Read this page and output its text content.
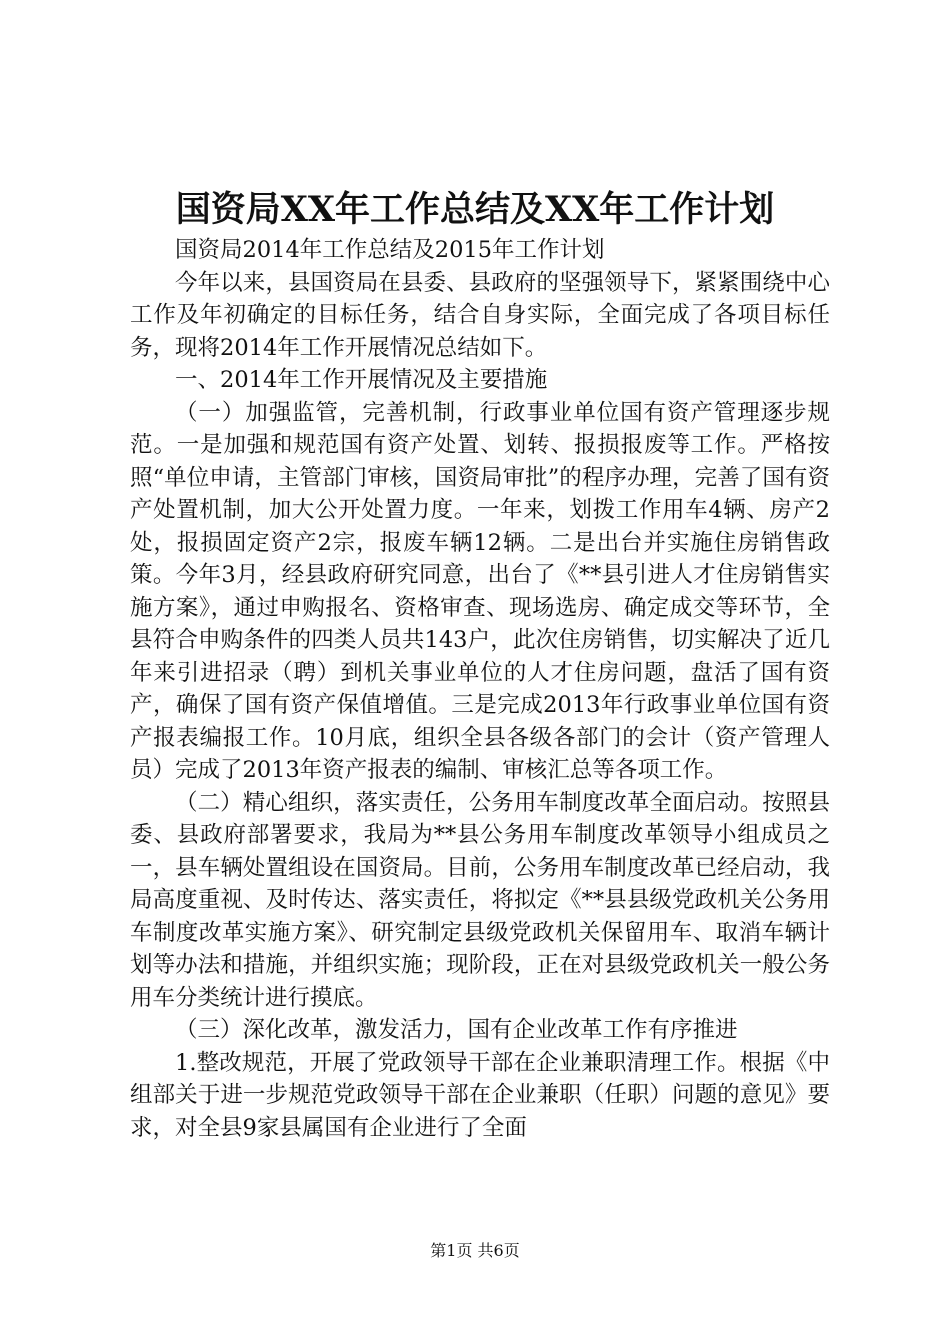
国资局XX年工作总结及XX年工作计划

国资局2014年工作总结及2015年工作计划

今年以来，县国资局在县委、县政府的坚强领导下，紧紧围绕中心工作及年初确定的目标任务，结合自身实际，全面完成了各项目标任务，现将2014年工作开展情况总结如下。

一、2014年工作开展情况及主要措施

（一）加强监管，完善机制，行政事业单位国有资产管理逐步规范。一是加强和规范国有资产处置、划转、报损报废等工作。严格按照“单位申请，主管部门审核，国资局审批”的程序办理，完善了国有资产处置机制，加大公开处置力度。一年来，划拨工作用车4辆、房产2处，报损固定资产2宗，报废车辆12辆。二是出台并实施住房销售政策。今年3月，经县政府研究同意，出台了《**县引进人才住房销售实施方案》，通过申购报名、资格审查、现场选房、确定成交等环节，全县符合申购条件的四类人员共143户，此次住房销售，切实解决了近几年来引进招录（聘）到机关事业单位的人才住房问题，盘活了国有资产，确保了国有资产保值增值。三是完成2013年行政事业单位国有资产报表编报工作。10月底，组织全县各级各部门的会计（资产管理人员）完成了2013年资产报表的编制、审核汇总等各项工作。

（二）精心组织，落实责任，公务用车制度改革全面启动。按照县委、县政府部署要求，我局为**县公务用车制度改革领导小组成员之一，县车辆处置组设在国资局。目前，公务用车制度改革已经启动，我局高度重视、及时传达、落实责任，将拟定《**县县级党政机关公务用车制度改革实施方案》、研究制定县级党政机关保留用车、取消车辆计划等办法和措施，并组织实施；现阶段，正在对县级党政机关一般公务用车分类统计进行摸底。

（三）深化改革，激发活力，国有企业改革工作有序推进

1.整改规范，开展了党政领导干部在企业兼职清理工作。根据《中组部关于进一步规范党政领导干部在企业兼职（任职）问题的意见》要求，对全县9家县属国有企业进行了全面

第1页 共6页
